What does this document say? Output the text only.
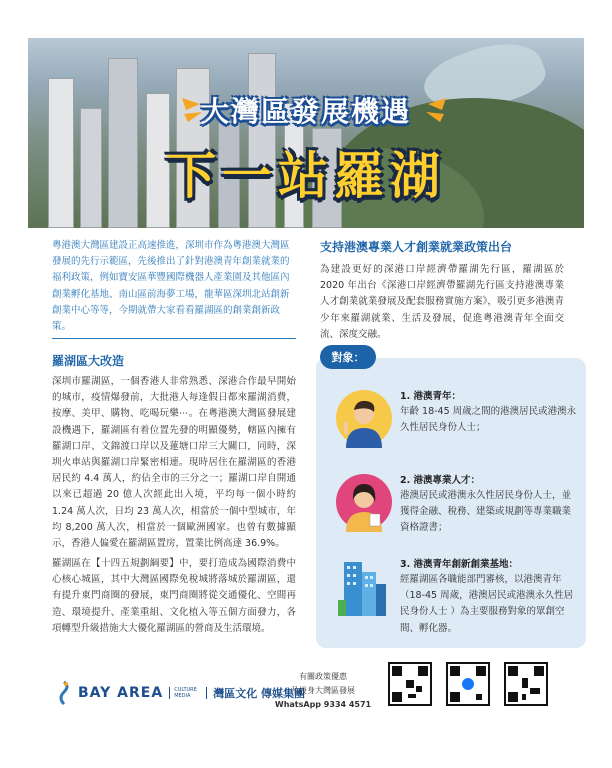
大灣區發展機遇
下一站羅湖

粵港澳大灣區建設正高速推進，深圳市作為粵港澳大灣區發展的先行示範區，先後推出了針對港澳青年創業就業的福利政策，例如寶安區華豐國際機器人產業園及其他區內創業孵化基地、南山區前海夢工場，龍華區深圳北站創新創業中心等等，今期就帶大家看看羅湖區的創業創新政策。

羅湖區大改造

深圳市羅湖區，一個香港人非常熟悉、深港合作最早開始的城市，疫情爆發前，大批港人每逢假日都來羅湖消費，按摩、美甲、購物、吃喝玩樂⋯。在粵港澳大灣區發展建設機遇下，羅湖區有着位置先發的明顯優勢，轄區內擁有羅湖口岸、文錦渡口岸以及蓮塘口岸三大關口，同時，深圳火車站與羅湖口岸緊密相連。現時居住在羅湖區的香港居民約 4.4 萬人，約佔全市的三分之一；羅湖口岸自開通以來已超過 20 億人次經此出入境，平均每一個小時約 1.24 萬人次，日均 23 萬人次，相當於一個中型城市，年均 8,200 萬人次，相當於一個歐洲國家。也曾有數據顯示，香港人偏愛在羅湖區置房，置業比例高達 36.9%。

羅湖區在【十四五規劃綱要】中，要打造成為國際消費中心核心城區，其中大灣區國際免稅城將落城於羅湖區，還有提升東門商圈的發展，東門商圈將從交通優化、空間再造、環境提升、產業重組、文化植入等五個方面發力，各項轉型升級措施大大優化羅湖區的營商及生活環境。

支持港澳專業人才創業就業政策出台

為建設更好的深港口岸經濟帶羅湖先行區，羅湖區於 2020 年出台《深港口岸經濟帶羅湖先行區支持港澳專業人才創業就業發展及配套服務實施方案》，吸引更多港澳青少年來羅湖就業、生活及發展，促進粵港澳青年全面交流、深度交融。

對象：
1. 港澳青年：
年齡 18-45 周歲之間的港澳居民或港澳永久性居民身份人士；
2. 港澳專業人才：
港澳居民或港澳永久性居民身份人士，並獲得金融、稅務、建築或規劃等專業職業資格證書；
3. 港澳青年創新創業基地：
經羅湖區各職能部門審核，以港澳青年（18-45 周歲，港澳居民或港澳永久性居民身份人士 ）為主要服務對象的眾創空間、孵化器。
BAY AREA	CULTURE MEDIA	灣區文化 傳媒集團
有關政策優惠
及投身大灣區發展
WhatsApp 9334 4571
